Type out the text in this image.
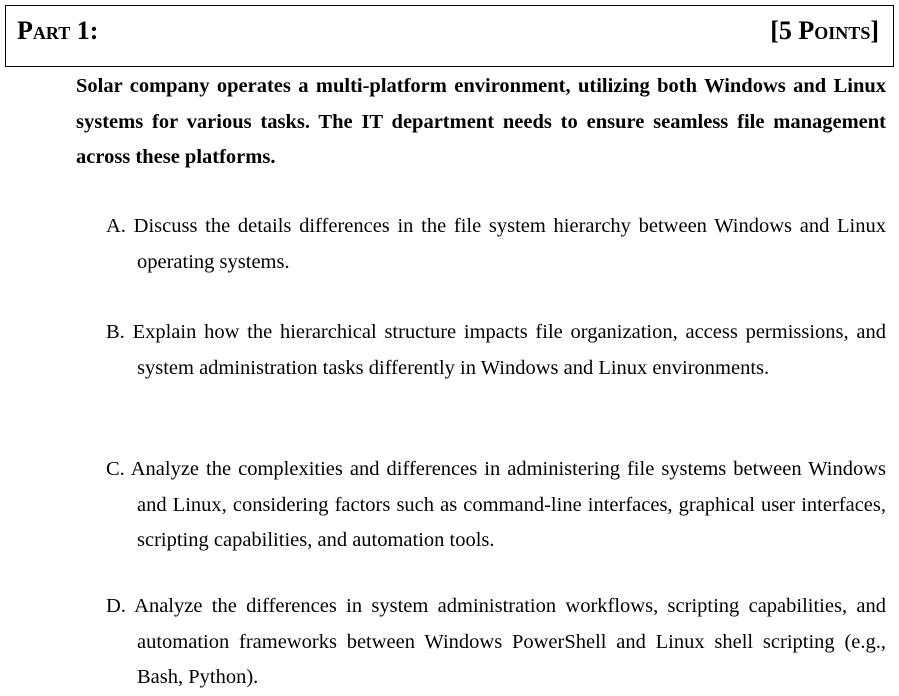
Part 1:	[5 Points]

Solar company operates a multi-platform environment, utilizing both Windows and Linux systems for various tasks. The IT department needs to ensure seamless file management across these platforms.

A. Discuss the details differences in the file system hierarchy between Windows and Linux operating systems.

B. Explain how the hierarchical structure impacts file organization, access permissions, and system administration tasks differently in Windows and Linux environments.

C. Analyze the complexities and differences in administering file systems between Windows and Linux, considering factors such as command-line interfaces, graphical user interfaces, scripting capabilities, and automation tools.

D. Analyze the differences in system administration workflows, scripting capabilities, and automation frameworks between Windows PowerShell and Linux shell scripting (e.g., Bash, Python).
